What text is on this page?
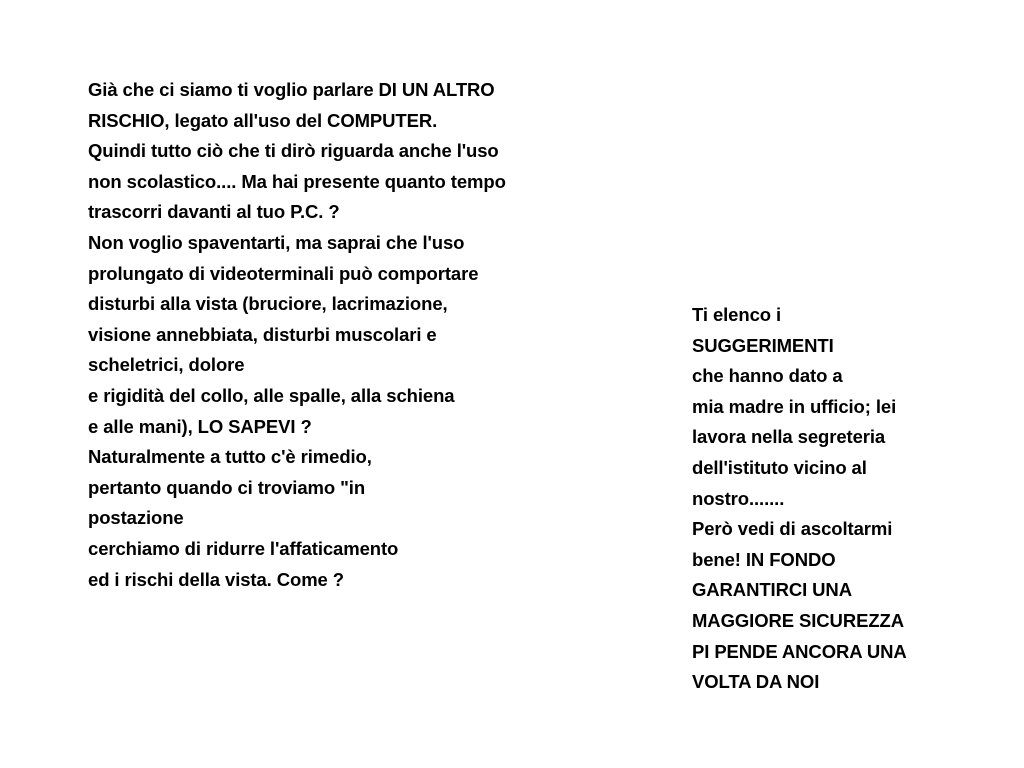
Già che ci siamo ti voglio parlare DI UN ALTRO
RISCHIO, legato all'uso del COMPUTER.
Quindi tutto ciò che ti dirò riguarda anche l'uso
non scolastico.... Ma hai presente quanto tempo
trascorri davanti al tuo P.C. ?
Non voglio spaventarti, ma saprai che l'uso
prolungato di videoterminali può comportare
disturbi alla vista (bruciore, lacrimazione,
visione annebbiata, disturbi muscolari e
scheletrici, dolore
e rigidità del collo, alle spalle, alla schiena
e alle mani), LO SAPEVI ?
Naturalmente a tutto c'è rimedio,
pertanto quando ci troviamo "in
postazione
cerchiamo di ridurre l'affaticamento
ed i rischi della vista. Come ?
Ti elenco i
SUGGERIMENTI
che hanno dato a
mia madre in ufficio; lei
lavora nella segreteria
dell'istituto vicino al
nostro.......
Però vedi di ascoltarmi
bene! IN FONDO
GARANTIRCI UNA
MAGGIORE SICUREZZA
PI PENDE ANCORA UNA
VOLTA DA NOI
